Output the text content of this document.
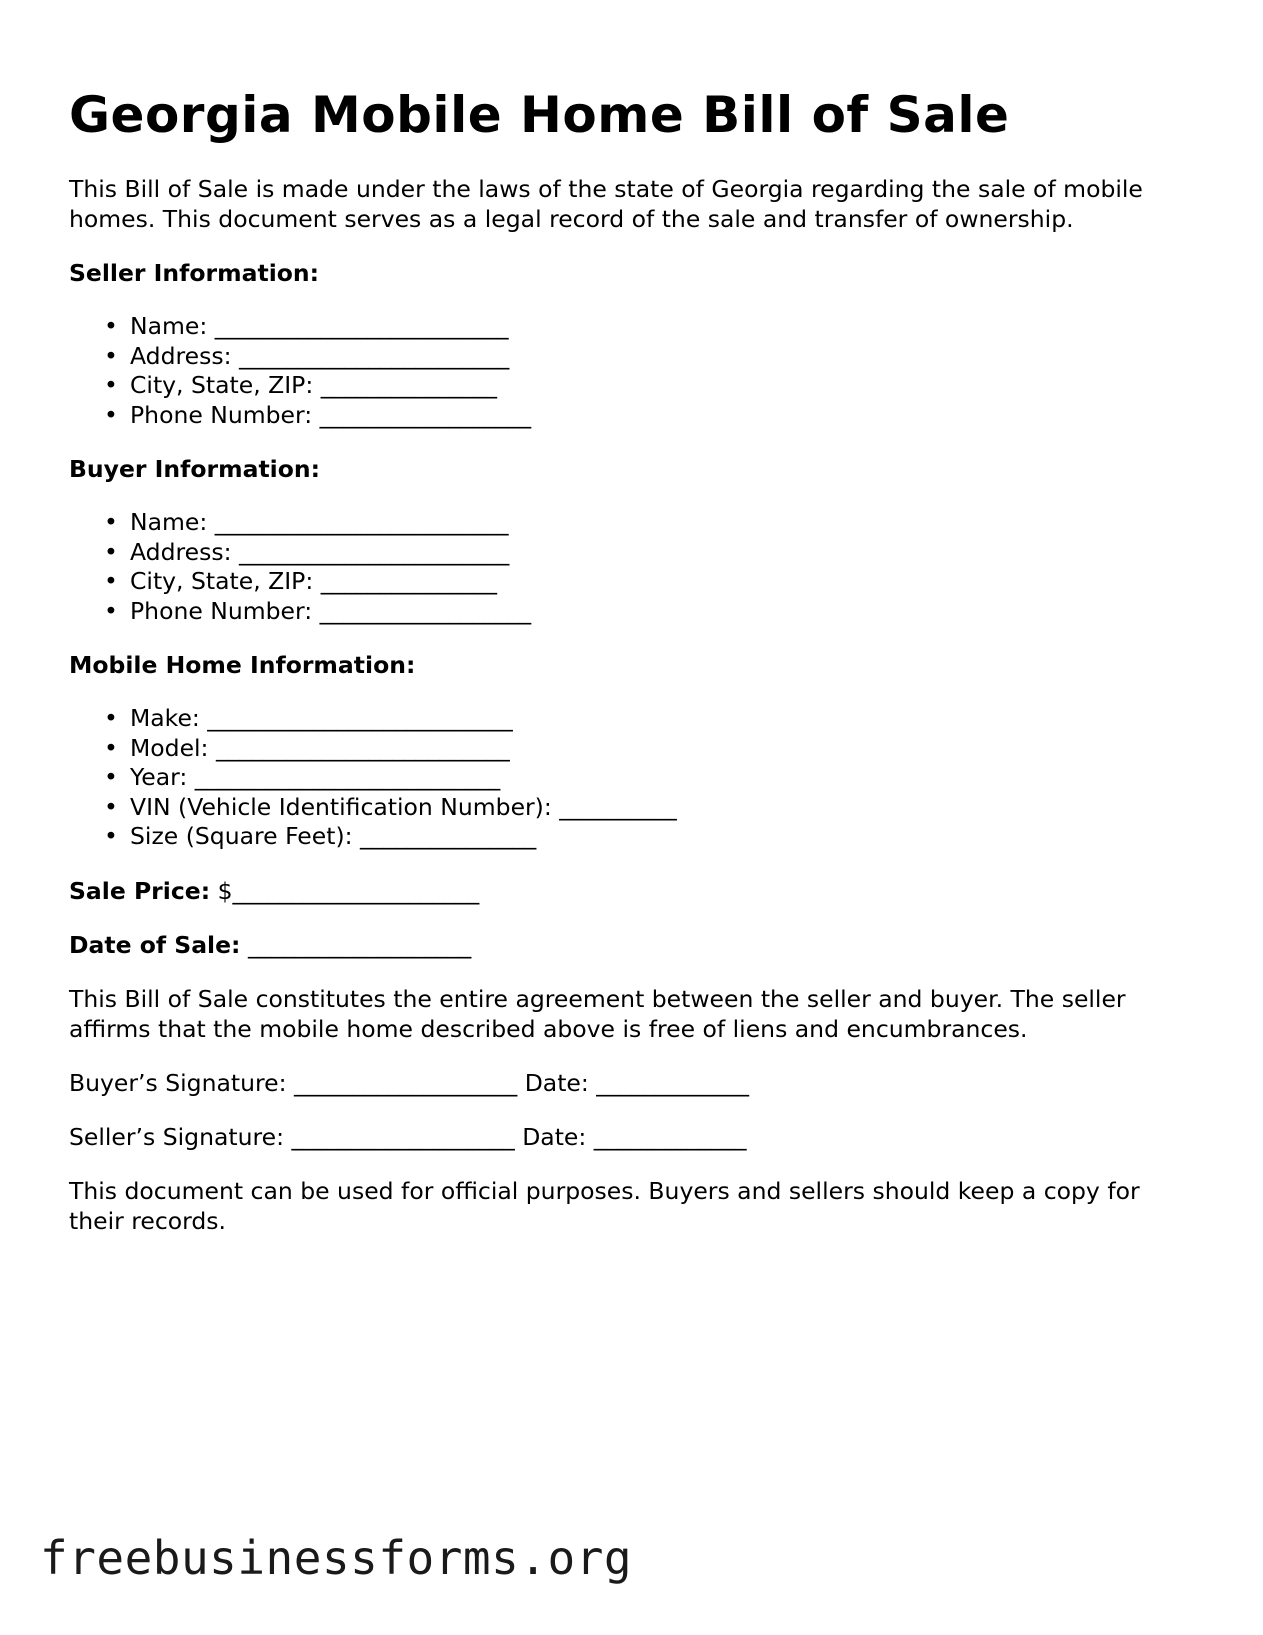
Georgia Mobile Home Bill of Sale

This Bill of Sale is made under the laws of the state of Georgia regarding the sale of mobile homes. This document serves as a legal record of the sale and transfer of ownership.

Seller Information:

• Name: _________________________
• Address: _______________________
• City, State, ZIP: _______________
• Phone Number: __________________

Buyer Information:

• Name: _________________________
• Address: _______________________
• City, State, ZIP: _______________
• Phone Number: __________________

Mobile Home Information:

• Make: __________________________
• Model: _________________________
• Year: __________________________
• VIN (Vehicle Identification Number): __________
• Size (Square Feet): _______________

Sale Price: $_____________________

Date of Sale: ___________________

This Bill of Sale constitutes the entire agreement between the seller and buyer. The seller affirms that the mobile home described above is free of liens and encumbrances.

Buyer’s Signature: ___________________ Date: _____________

Seller’s Signature: ___________________ Date: _____________

This document can be used for official purposes. Buyers and sellers should keep a copy for their records.

freebusinessforms.org
